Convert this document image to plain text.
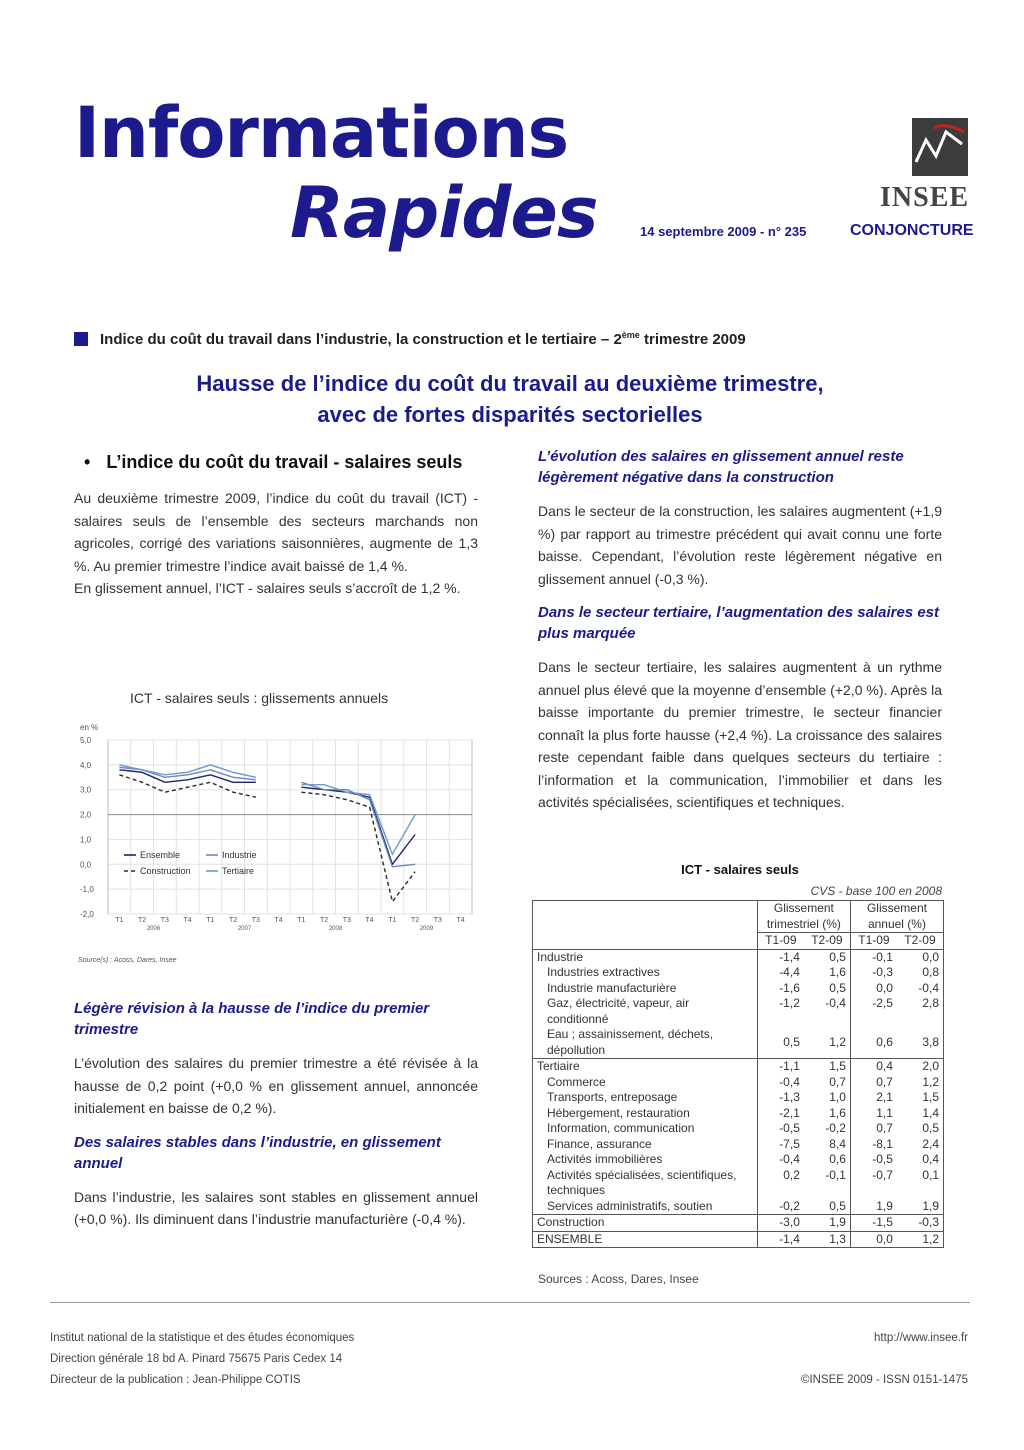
Informations
Rapides	14 septembre 2009 - n° 235
INSEE
CONJONCTURE
Indice du coût du travail dans l’industrie, la construction et le tertiaire – 2ème trimestre 2009
Hausse de l’indice du coût du travail au deuxième trimestre,
avec de fortes disparités sectorielles
• L’indice du coût du travail - salaires seuls

Au deuxième trimestre 2009, l’indice du coût du travail (ICT) - salaires seuls de l’ensemble des secteurs marchands non agricoles, corrigé des variations saisonnières, augmente de 1,3 %. Au premier trimestre l’indice avait baissé de 1,4 %.

En glissement annuel, l’ICT - salaires seuls s’accroît de 1,2 %.

ICT - salaires seuls : glissements annuels
en %
5,0
4,0
3,0
2,0
1,0
0,0
-1,0
-2,0
T1 T2 T3 T4 T1 T2 T3 T4 T1 T2 T3 T4 T1 T2 T3 T4
2006	2007	2008	2009
Ensemble	Industrie
Construction	Tertiaire
Source(s) : Acoss, Dares, Insee
Légère révision à la hausse de l’indice du premier trimestre

L’évolution des salaires du premier trimestre a été révisée à la hausse de 0,2 point (+0,0 % en glissement annuel, annoncée initialement en baisse de 0,2 %).

Des salaires stables dans l’industrie, en glissement annuel

Dans l’industrie, les salaires sont stables en glissement annuel (+0,0 %). Ils diminuent dans l’industrie manufacturière (-0,4 %).

L’évolution des salaires en glissement annuel reste légèrement négative dans la construction

Dans le secteur de la construction, les salaires augmentent (+1,9 %) par rapport au trimestre précédent qui avait connu une forte baisse. Cependant, l’évolution reste légèrement négative en glissement annuel (-0,3 %).

Dans le secteur tertiaire, l’augmentation des salaires est plus marquée

Dans le secteur tertiaire, les salaires augmentent à un rythme annuel plus élevé que la moyenne d’ensemble (+2,0 %). Après la baisse importante du premier trimestre, le secteur financier connaît la plus forte hausse (+2,4 %). La croissance des salaires reste cependant faible dans quelques secteurs du tertiaire : l’information et la communication, l’immobilier et dans les activités spécialisées, scientifiques et techniques.

ICT - salaires seuls
CVS - base 100 en 2008
	Glissement trimestriel (%)		Glissement annuel (%)	
	T1-09	T2-09	T1-09	T2-09
Industrie	-1,4	0,5	-0,1	0,0
Industries extractives	-4,4	1,6	-0,3	0,8
Industrie manufacturière	-1,6	0,5	0,0	-0,4
Gaz, électricité, vapeur, air conditionné	-1,2	-0,4	-2,5	2,8
Eau ; assainissement, déchets, dépollution	0,5	1,2	0,6	3,8
Tertiaire	-1,1	1,5	0,4	2,0
Commerce	-0,4	0,7	0,7	1,2
Transports, entreposage	-1,3	1,0	2,1	1,5
Hébergement, restauration	-2,1	1,6	1,1	1,4
Information, communication	-0,5	-0,2	0,7	0,5
Finance, assurance	-7,5	8,4	-8,1	2,4
Activités immobilières	-0,4	0,6	-0,5	0,4
Activités spécialisées, scientifiques, techniques	0,2	-0,1	-0,7	0,1
Services administratifs, soutien	-0,2	0,5	1,9	1,9
Construction	-3,0	1,9	-1,5	-0,3
ENSEMBLE	-1,4	1,3	0,0	1,2
Sources : Acoss, Dares, Insee
Institut national de la statistique et des études économiques
Direction générale 18 bd A. Pinard 75675 Paris Cedex 14
Directeur de la publication : Jean-Philippe COTIS
http://www.insee.fr
©INSEE 2009 - ISSN 0151-1475
